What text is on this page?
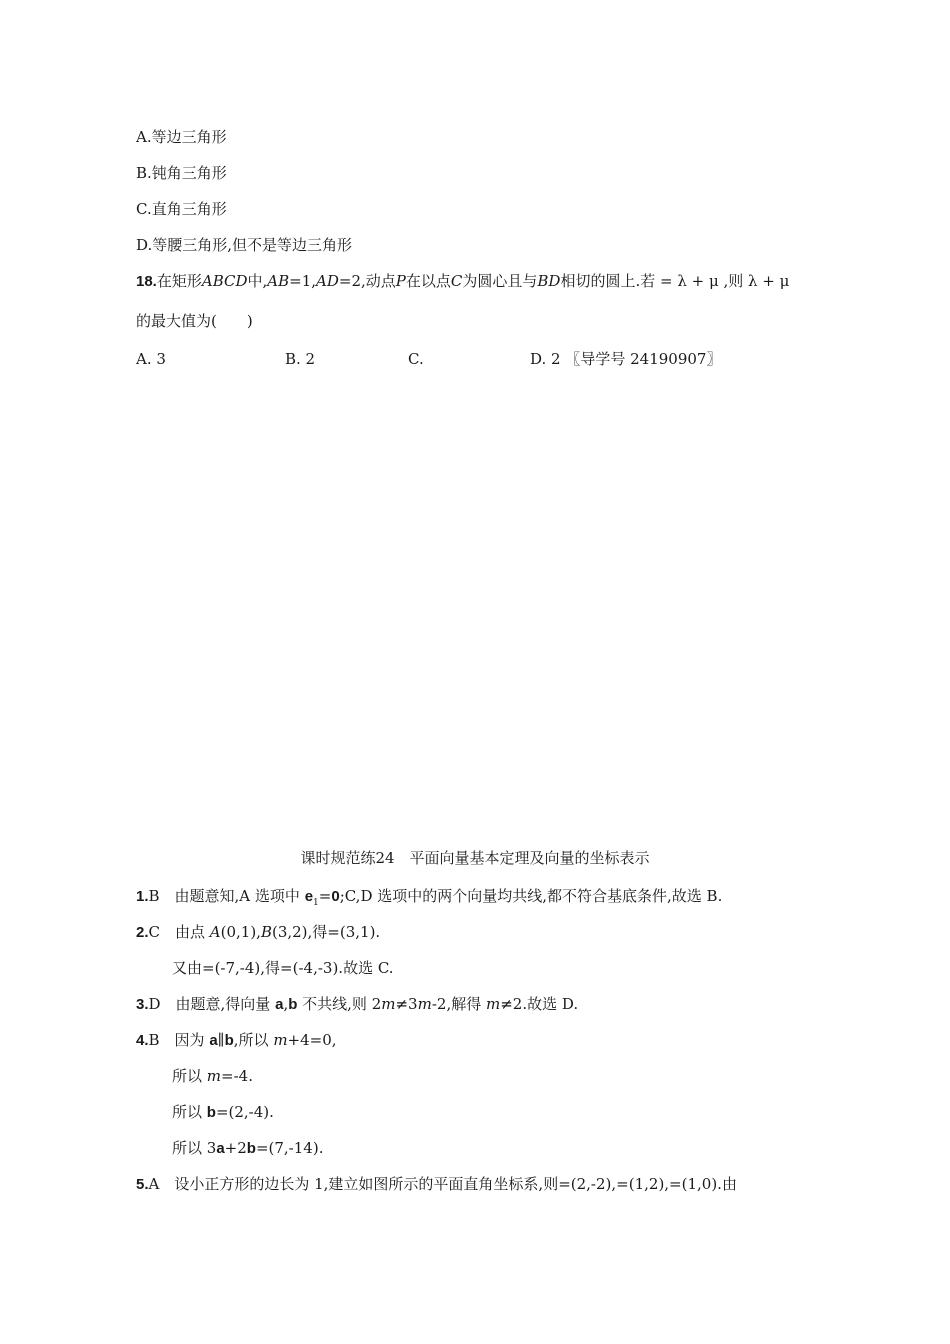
A.等边三角形
B.钝角三角形
C.直角三角形
D.等腰三角形,但不是等边三角形
18.在矩形ABCD中,AB=1,AD=2,动点P在以点C为圆心且与BD相切的圆上.若 = λ + μ ,则 λ + μ
的最大值为(　　)
A. 3	B. 2	C.	D. 2 〖导学号 24190907〗
课时规范练24　平面向量基本定理及向量的坐标表示
1.B　由题意知,A 选项中 $e_1=0;C,D$ 选项中的两个向量均共线,都不符合基底条件,故选 B.
2.C　由点 A(0,1),B(3,2),得=(3,1).
又由=(-7,-4),得=(-4,-3).故选 C.
3.D　由题意,得向量 a,b 不共线,则 2m≠3m-2,解得 m≠2.故选 D.
4.B　因为 a∥b,所以 m+4=0,
所以 m=-4.
所以 b=(2,-4).
所以 3a+2b=(7,-14).
5.A　设小正方形的边长为 1,建立如图所示的平面直角坐标系,则=(2,-2),=(1,2),=(1,0).由
